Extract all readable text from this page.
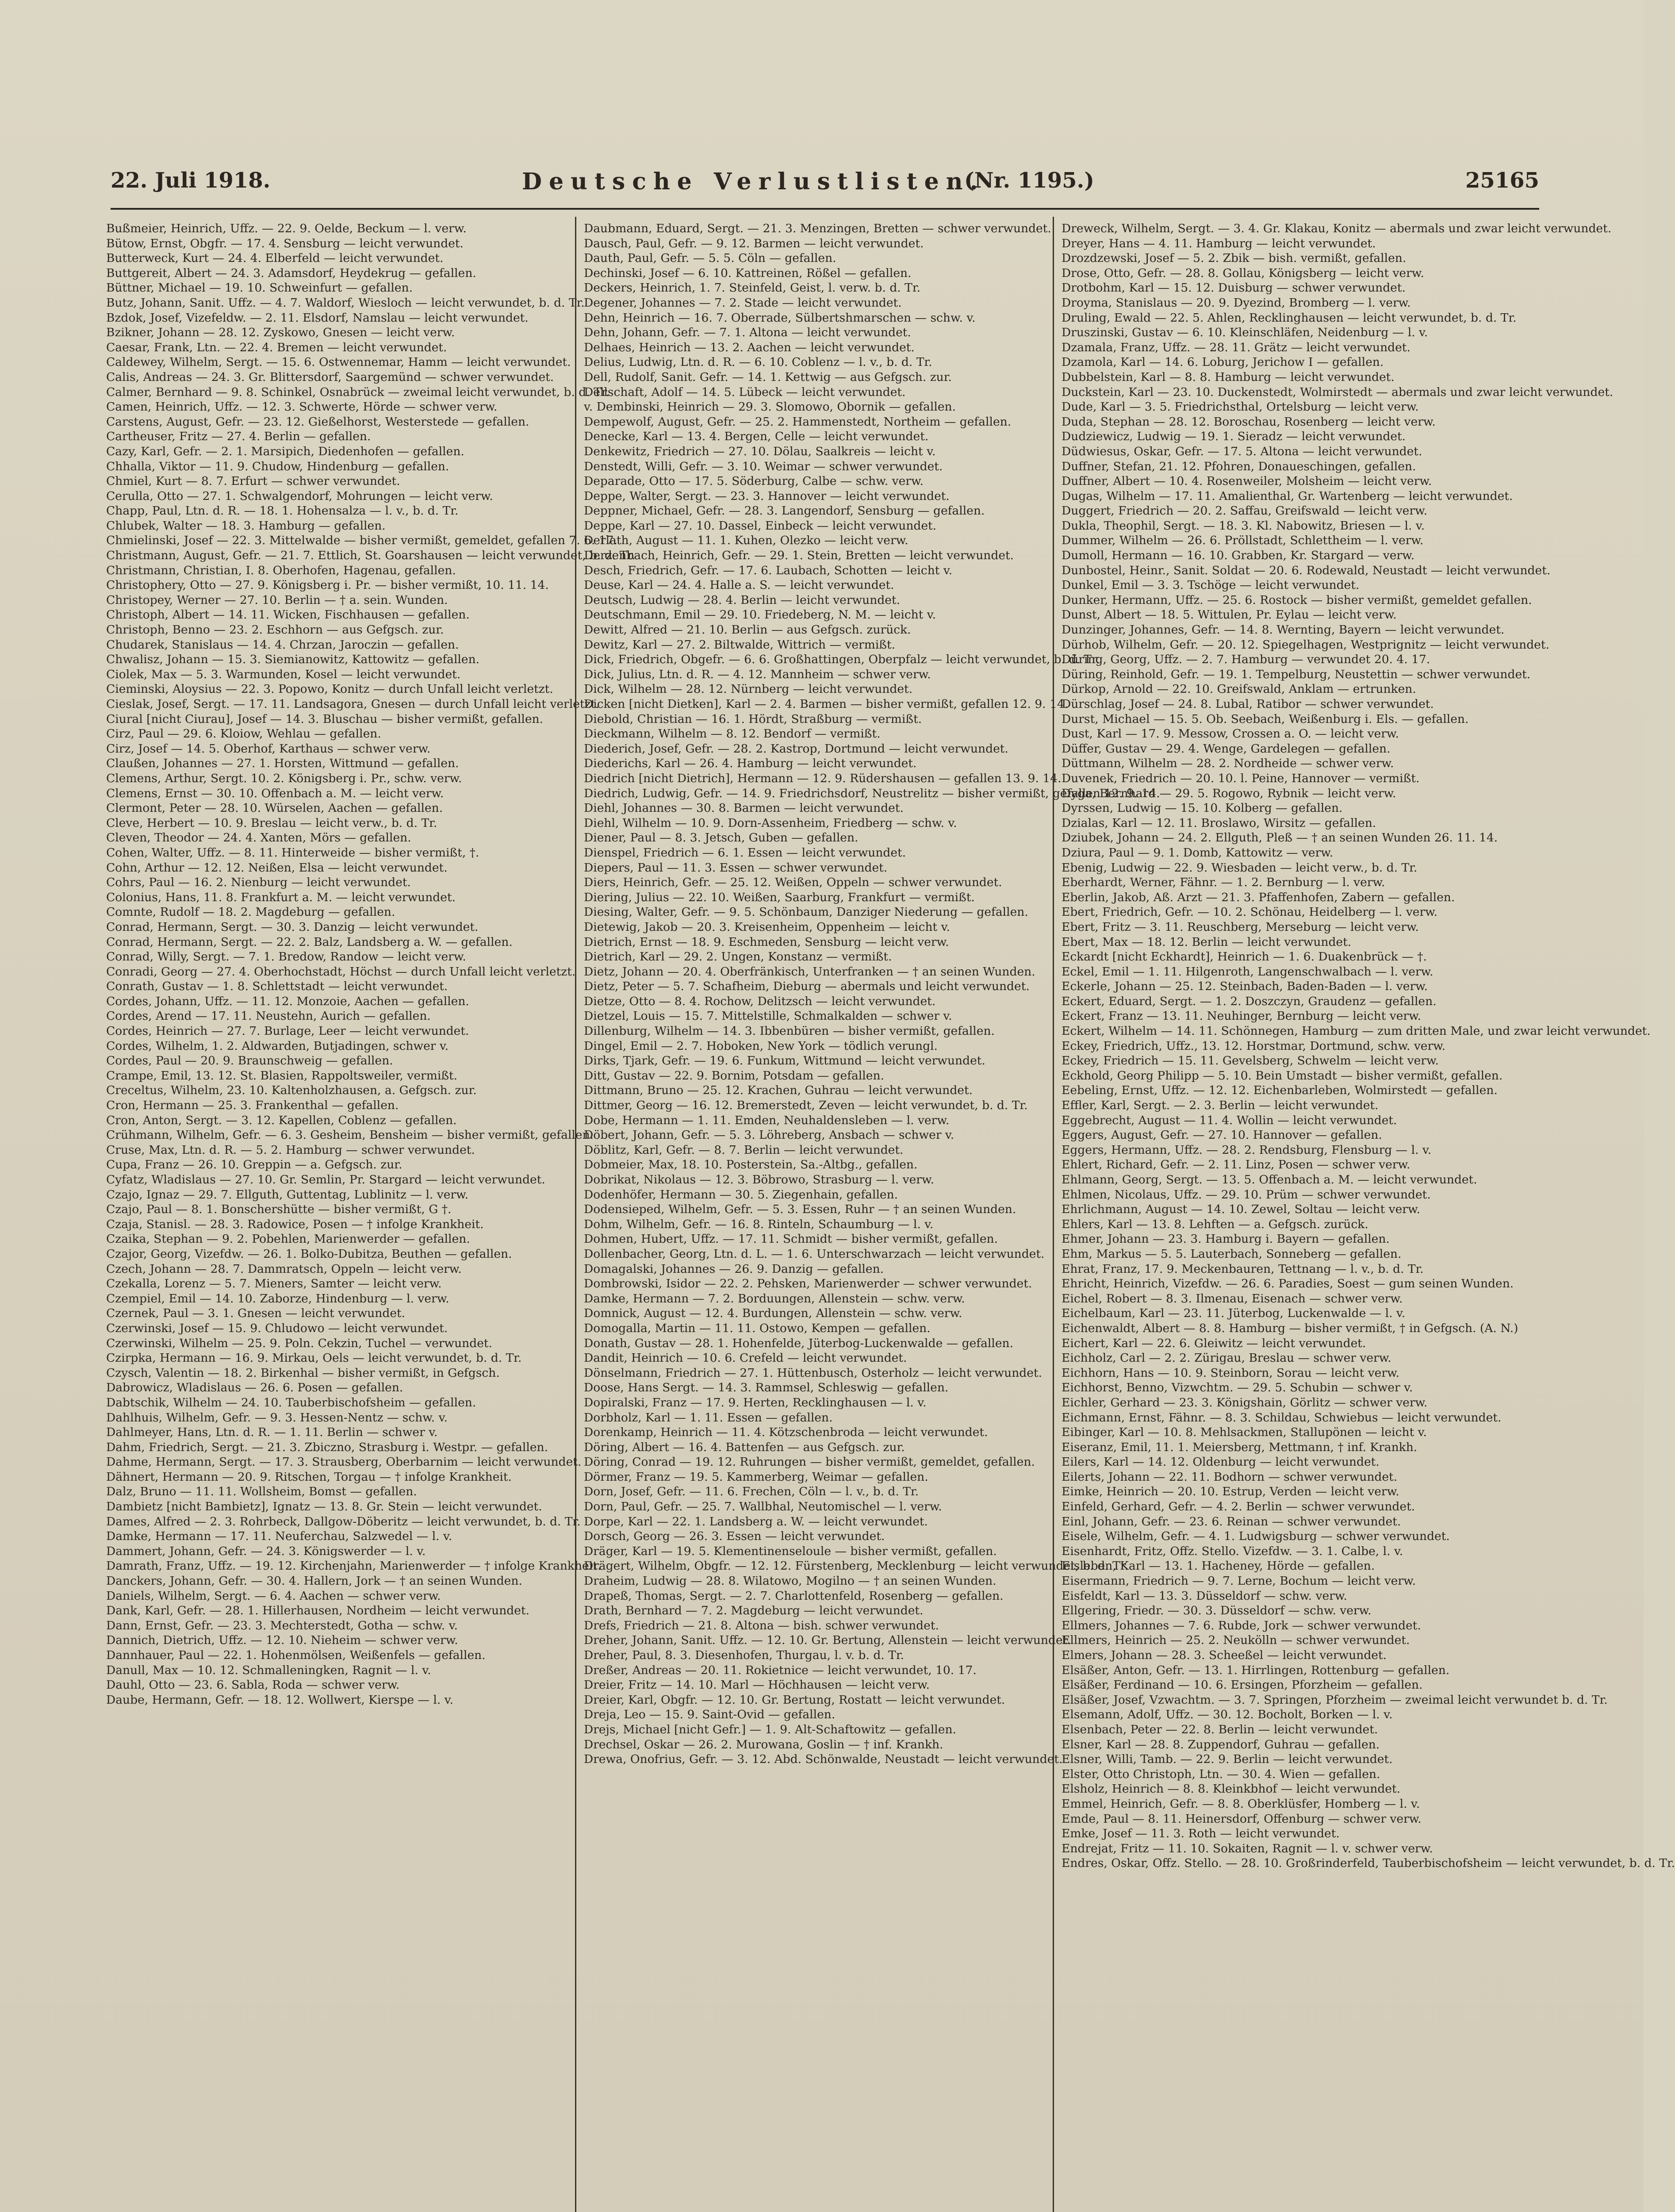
22. Juli 1918.	Deutsche Verlustlisten.
(Nr. 1195.)	25165
Bußmeier, Heinrich, Uffz. — 22. 9. Oelde, Beckum — l. verw.
Bütow, Ernst, Obgfr. — 17. 4. Sensburg — leicht verwundet.
Butterweck, Kurt — 24. 4. Elberfeld — leicht verwundet.
Buttgereit, Albert — 24. 3. Adamsdorf, Heydekrug — gefallen.
Büttner, Michael — 19. 10. Schweinfurt — gefallen.
Butz, Johann, Sanit. Uffz. — 4. 7. Waldorf, Wiesloch — leicht verwundet, b. d. Tr.
Bzdok, Josef, Vizefeldw. — 2. 11. Elsdorf, Namslau — leicht verwundet.
Bzikner, Johann — 28. 12. Zyskowo, Gnesen — leicht verw.
Caesar, Frank, Ltn. — 22. 4. Bremen — leicht verwundet.
Caldewey, Wilhelm, Sergt. — 15. 6. Ostwennemar, Hamm — leicht verwundet.
Calis, Andreas — 24. 3. Gr. Blittersdorf, Saargemünd — schwer verwundet.
Calmer, Bernhard — 9. 8. Schinkel, Osnabrück — zweimal leicht verwundet, b. d. Tr.
Camen, Heinrich, Uffz. — 12. 3. Schwerte, Hörde — schwer verw.
Carstens, August, Gefr. — 23. 12. Gießelhorst, Westerstede — gefallen.
Cartheuser, Fritz — 27. 4. Berlin — gefallen.
Cazy, Karl, Gefr. — 2. 1. Marsipich, Diedenhofen — gefallen.
Chhalla, Viktor — 11. 9. Chudow, Hindenburg — gefallen.
Chmiel, Kurt — 8. 7. Erfurt — schwer verwundet.
Cerulla, Otto — 27. 1. Schwalgendorf, Mohrungen — leicht verw.
Chapp, Paul, Ltn. d. R. — 18. 1. Hohensalza — l. v., b. d. Tr.
Chlubek, Walter — 18. 3. Hamburg — gefallen.
Chmielinski, Josef — 22. 3. Mittelwalde — bisher vermißt, gemeldet, gefallen 7. 6. 17.
Christmann, August, Gefr. — 21. 7. Ettlich, St. Goarshausen — leicht verwundet, b. d. Tr.
Christmann, Christian, I. 8. Oberhofen, Hagenau, gefallen.
Christophery, Otto — 27. 9. Königsberg i. Pr. — bisher vermißt, 10. 11. 14.
Christopey, Werner — 27. 10. Berlin — † a. sein. Wunden.
Christoph, Albert — 14. 11. Wicken, Fischhausen — gefallen.
Christoph, Benno — 23. 2. Eschhorn — aus Gefgsch. zur.
Chudarek, Stanislaus — 14. 4. Chrzan, Jaroczin — gefallen.
Chwalisz, Johann — 15. 3. Siemianowitz, Kattowitz — gefallen.
Ciolek, Max — 5. 3. Warmunden, Kosel — leicht verwundet.
Cieminski, Aloysius — 22. 3. Popowo, Konitz — durch Unfall leicht verletzt.
Cieslak, Josef, Sergt. — 17. 11. Landsagora, Gnesen — durch Unfall leicht verletzt.
Ciural [nicht Ciurau], Josef — 14. 3. Bluschau — bisher vermißt, gefallen.
Cirz, Paul — 29. 6. Kloiow, Wehlau — gefallen.
Cirz, Josef — 14. 5. Oberhof, Karthaus — schwer verw.
Claußen, Johannes — 27. 1. Horsten, Wittmund — gefallen.
Clemens, Arthur, Sergt. 10. 2. Königsberg i. Pr., schw. verw.
Clemens, Ernst — 30. 10. Offenbach a. M. — leicht verw.
Clermont, Peter — 28. 10. Würselen, Aachen — gefallen.
Cleve, Herbert — 10. 9. Breslau — leicht verw., b. d. Tr.
Cleven, Theodor — 24. 4. Xanten, Mörs — gefallen.
Cohen, Walter, Uffz. — 8. 11. Hinterweide — bisher vermißt, †.
Cohn, Arthur — 12. 12. Neißen, Elsa — leicht verwundet.
Cohrs, Paul — 16. 2. Nienburg — leicht verwundet.
Colonius, Hans, 11. 8. Frankfurt a. M. — leicht verwundet.
Comnte, Rudolf — 18. 2. Magdeburg — gefallen.
Conrad, Hermann, Sergt. — 30. 3. Danzig — leicht verwundet.
Conrad, Hermann, Sergt. — 22. 2. Balz, Landsberg a. W. — gefallen.
Conrad, Willy, Sergt. — 7. 1. Bredow, Randow — leicht verw.
Conradi, Georg — 27. 4. Oberhochstadt, Höchst — durch Unfall leicht verletzt.
Conrath, Gustav — 1. 8. Schlettstadt — leicht verwundet.
Cordes, Johann, Uffz. — 11. 12. Monzoie, Aachen — gefallen.
Cordes, Arend — 17. 11. Neustehn, Aurich — gefallen.
Cordes, Heinrich — 27. 7. Burlage, Leer — leicht verwundet.
Cordes, Wilhelm, 1. 2. Aldwarden, Butjadingen, schwer v.
Cordes, Paul — 20. 9. Braunschweig — gefallen.
Crampe, Emil, 13. 12. St. Blasien, Rappoltsweiler, vermißt.
Creceltus, Wilhelm, 23. 10. Kaltenholzhausen, a. Gefgsch. zur.
Cron, Hermann — 25. 3. Frankenthal — gefallen.
Cron, Anton, Sergt. — 3. 12. Kapellen, Coblenz — gefallen.
Crühmann, Wilhelm, Gefr. — 6. 3. Gesheim, Bensheim — bisher vermißt, gefallen.
Cruse, Max, Ltn. d. R. — 5. 2. Hamburg — schwer verwundet.
Cupa, Franz — 26. 10. Greppin — a. Gefgsch. zur.
Cyfatz, Wladislaus — 27. 10. Gr. Semlin, Pr. Stargard — leicht verwundet.
Czajo, Ignaz — 29. 7. Ellguth, Guttentag, Lublinitz — l. verw.
Czajo, Paul — 8. 1. Bonschershütte — bisher vermißt, G †.
Czaja, Stanisl. — 28. 3. Radowice, Posen — † infolge Krankheit.
Czaika, Stephan — 9. 2. Pobehlen, Marienwerder — gefallen.
Czajor, Georg, Vizefdw. — 26. 1. Bolko-Dubitza, Beuthen — gefallen.
Czech, Johann — 28. 7. Dammratsch, Oppeln — leicht verw.
Czekalla, Lorenz — 5. 7. Mieners, Samter — leicht verw.
Czempiel, Emil — 14. 10. Zaborze, Hindenburg — l. verw.
Czernek, Paul — 3. 1. Gnesen — leicht verwundet.
Czerwinski, Josef — 15. 9. Chludowo — leicht verwundet.
Czerwinski, Wilhelm — 25. 9. Poln. Cekzin, Tuchel — verwundet.
Czirpka, Hermann — 16. 9. Mirkau, Oels — leicht verwundet, b. d. Tr.
Czysch, Valentin — 18. 2. Birkenhal — bisher vermißt, in Gefgsch.
Dabrowicz, Wladislaus — 26. 6. Posen — gefallen.
Dabtschik, Wilhelm — 24. 10. Tauberbischofsheim — gefallen.
Dahlhuis, Wilhelm, Gefr. — 9. 3. Hessen-Nentz — schw. v.
Dahlmeyer, Hans, Ltn. d. R. — 1. 11. Berlin — schwer v.
Dahm, Friedrich, Sergt. — 21. 3. Zbiczno, Strasburg i. Westpr. — gefallen.
Dahme, Hermann, Sergt. — 17. 3. Strausberg, Oberbarnim — leicht verwundet.
Dähnert, Hermann — 20. 9. Ritschen, Torgau — † infolge Krankheit.
Dalz, Bruno — 11. 11. Wollsheim, Bomst — gefallen.
Dambietz [nicht Bambietz], Ignatz — 13. 8. Gr. Stein — leicht verwundet.
Dames, Alfred — 2. 3. Rohrbeck, Dallgow-Döberitz — leicht verwundet, b. d. Tr.
Damke, Hermann — 17. 11. Neuferchau, Salzwedel — l. v.
Dammert, Johann, Gefr. — 24. 3. Königswerder — l. v.
Damrath, Franz, Uffz. — 19. 12. Kirchenjahn, Marienwerder — † infolge Krankheit.
Danckers, Johann, Gefr. — 30. 4. Hallern, Jork — † an seinen Wunden.
Daniels, Wilhelm, Sergt. — 6. 4. Aachen — schwer verw.
Dank, Karl, Gefr. — 28. 1. Hillerhausen, Nordheim — leicht verwundet.
Dann, Ernst, Gefr. — 23. 3. Mechterstedt, Gotha — schw. v.
Dannich, Dietrich, Uffz. — 12. 10. Nieheim — schwer verw.
Dannhauer, Paul — 22. 1. Hohenmölsen, Weißenfels — gefallen.
Danull, Max — 10. 12. Schmalleningken, Ragnit — l. v.
Dauhl, Otto — 23. 6. Sabla, Roda — schwer verw.
Daube, Hermann, Gefr. — 18. 12. Wollwert, Kierspe — l. v.
Daubmann, Eduard, Sergt. — 21. 3. Menzingen, Bretten — schwer verwundet.
Dausch, Paul, Gefr. — 9. 12. Barmen — leicht verwundet.
Dauth, Paul, Gefr. — 5. 5. Cöln — gefallen.
Dechinski, Josef — 6. 10. Kattreinen, Rößel — gefallen.
Deckers, Heinrich, 1. 7. Steinfeld, Geist, l. verw. b. d. Tr.
Degener, Johannes — 7. 2. Stade — leicht verwundet.
Dehn, Heinrich — 16. 7. Oberrade, Sülbertshmarschen — schw. v.
Dehn, Johann, Gefr. — 7. 1. Altona — leicht verwundet.
Delhaes, Heinrich — 13. 2. Aachen — leicht verwundet.
Delius, Ludwig, Ltn. d. R. — 6. 10. Coblenz — l. v., b. d. Tr.
Dell, Rudolf, Sanit. Gefr. — 14. 1. Kettwig — aus Gefgsch. zur.
Dellschaft, Adolf — 14. 5. Lübeck — leicht verwundet.
v. Dembinski, Heinrich — 29. 3. Slomowo, Obornik — gefallen.
Dempewolf, August, Gefr. — 25. 2. Hammenstedt, Northeim — gefallen.
Denecke, Karl — 13. 4. Bergen, Celle — leicht verwundet.
Denkewitz, Friedrich — 27. 10. Dölau, Saalkreis — leicht v.
Denstedt, Willi, Gefr. — 3. 10. Weimar — schwer verwundet.
Deparade, Otto — 17. 5. Söderburg, Calbe — schw. verw.
Deppe, Walter, Sergt. — 23. 3. Hannover — leicht verwundet.
Deppner, Michael, Gefr. — 28. 3. Langendorf, Sensburg — gefallen.
Deppe, Karl — 27. 10. Dassel, Einbeck — leicht verwundet.
Derlath, August — 11. 1. Kuhen, Olezko — leicht verw.
Derzenbach, Heinrich, Gefr. — 29. 1. Stein, Bretten — leicht verwundet.
Desch, Friedrich, Gefr. — 17. 6. Laubach, Schotten — leicht v.
Deuse, Karl — 24. 4. Halle a. S. — leicht verwundet.
Deutsch, Ludwig — 28. 4. Berlin — leicht verwundet.
Deutschmann, Emil — 29. 10. Friedeberg, N. M. — leicht v.
Dewitt, Alfred — 21. 10. Berlin — aus Gefgsch. zurück.
Dewitz, Karl — 27. 2. Biltwalde, Wittrich — vermißt.
Dick, Friedrich, Obgefr. — 6. 6. Großhattingen, Oberpfalz — leicht verwundet, b. d. Tr.
Dick, Julius, Ltn. d. R. — 4. 12. Mannheim — schwer verw.
Dick, Wilhelm — 28. 12. Nürnberg — leicht verwundet.
Dicken [nicht Dietken], Karl — 2. 4. Barmen — bisher vermißt, gefallen 12. 9. 14.
Diebold, Christian — 16. 1. Hördt, Straßburg — vermißt.
Dieckmann, Wilhelm — 8. 12. Bendorf — vermißt.
Diederich, Josef, Gefr. — 28. 2. Kastrop, Dortmund — leicht verwundet.
Diederichs, Karl — 26. 4. Hamburg — leicht verwundet.
Diedrich [nicht Dietrich], Hermann — 12. 9. Rüdershausen — gefallen 13. 9. 14.
Diedrich, Ludwig, Gefr. — 14. 9. Friedrichsdorf, Neustrelitz — bisher vermißt, gefallen 12. 9. 14.
Diehl, Johannes — 30. 8. Barmen — leicht verwundet.
Diehl, Wilhelm — 10. 9. Dorn-Assenheim, Friedberg — schw. v.
Diener, Paul — 8. 3. Jetsch, Guben — gefallen.
Dienspel, Friedrich — 6. 1. Essen — leicht verwundet.
Diepers, Paul — 11. 3. Essen — schwer verwundet.
Diers, Heinrich, Gefr. — 25. 12. Weißen, Oppeln — schwer verwundet.
Diering, Julius — 22. 10. Weißen, Saarburg, Frankfurt — vermißt.
Diesing, Walter, Gefr. — 9. 5. Schönbaum, Danziger Niederung — gefallen.
Dietewig, Jakob — 20. 3. Kreisenheim, Oppenheim — leicht v.
Dietrich, Ernst — 18. 9. Eschmeden, Sensburg — leicht verw.
Dietrich, Karl — 29. 2. Ungen, Konstanz — vermißt.
Dietz, Johann — 20. 4. Oberfränkisch, Unterfranken — † an seinen Wunden.
Dietz, Peter — 5. 7. Schafheim, Dieburg — abermals und leicht verwundet.
Dietze, Otto — 8. 4. Rochow, Delitzsch — leicht verwundet.
Dietzel, Louis — 15. 7. Mittelstille, Schmalkalden — schwer v.
Dillenburg, Wilhelm — 14. 3. Ibbenbüren — bisher vermißt, gefallen.
Dingel, Emil — 2. 7. Hoboken, New York — tödlich verungl.
Dirks, Tjark, Gefr. — 19. 6. Funkum, Wittmund — leicht verwundet.
Ditt, Gustav — 22. 9. Bornim, Potsdam — gefallen.
Dittmann, Bruno — 25. 12. Krachen, Guhrau — leicht verwundet.
Dittmer, Georg — 16. 12. Bremerstedt, Zeven — leicht verwundet, b. d. Tr.
Dobe, Hermann — 1. 11. Emden, Neuhaldensleben — l. verw.
Döbert, Johann, Gefr. — 5. 3. Löhreberg, Ansbach — schwer v.
Döblitz, Karl, Gefr. — 8. 7. Berlin — leicht verwundet.
Dobmeier, Max, 18. 10. Posterstein, Sa.-Altbg., gefallen.
Dobrikat, Nikolaus — 12. 3. Böbrowo, Strasburg — l. verw.
Dodenhöfer, Hermann — 30. 5. Ziegenhain, gefallen.
Dodensieped, Wilhelm, Gefr. — 5. 3. Essen, Ruhr — † an seinen Wunden.
Dohm, Wilhelm, Gefr. — 16. 8. Rinteln, Schaumburg — l. v.
Dohmen, Hubert, Uffz. — 17. 11. Schmidt — bisher vermißt, gefallen.
Dollenbacher, Georg, Ltn. d. L. — 1. 6. Unterschwarzach — leicht verwundet.
Domagalski, Johannes — 26. 9. Danzig — gefallen.
Dombrowski, Isidor — 22. 2. Pehsken, Marienwerder — schwer verwundet.
Damke, Hermann — 7. 2. Borduungen, Allenstein — schw. verw.
Domnick, August — 12. 4. Burdungen, Allenstein — schw. verw.
Domogalla, Martin — 11. 11. Ostowo, Kempen — gefallen.
Donath, Gustav — 28. 1. Hohenfelde, Jüterbog-Luckenwalde — gefallen.
Dandit, Heinrich — 10. 6. Crefeld — leicht verwundet.
Dönselmann, Friedrich — 27. 1. Hüttenbusch, Osterholz — leicht verwundet.
Doose, Hans Sergt. — 14. 3. Rammsel, Schleswig — gefallen.
Dopiralski, Franz — 17. 9. Herten, Recklinghausen — l. v.
Dorbholz, Karl — 1. 11. Essen — gefallen.
Dorenkamp, Heinrich — 11. 4. Kötzschenbroda — leicht verwundet.
Döring, Albert — 16. 4. Battenfen — aus Gefgsch. zur.
Döring, Conrad — 19. 12. Ruhrungen — bisher vermißt, gemeldet, gefallen.
Dörmer, Franz — 19. 5. Kammerberg, Weimar — gefallen.
Dorn, Josef, Gefr. — 11. 6. Frechen, Cöln — l. v., b. d. Tr.
Dorn, Paul, Gefr. — 25. 7. Wallbhal, Neutomischel — l. verw.
Dorpe, Karl — 22. 1. Landsberg a. W. — leicht verwundet.
Dorsch, Georg — 26. 3. Essen — leicht verwundet.
Dräger, Karl — 19. 5. Klementinenseloule — bisher vermißt, gefallen.
Drägert, Wilhelm, Obgfr. — 12. 12. Fürstenberg, Mecklenburg — leicht verwundet, b. d. Tr.
Draheim, Ludwig — 28. 8. Wilatowo, Mogilno — † an seinen Wunden.
Drapeß, Thomas, Sergt. — 2. 7. Charlottenfeld, Rosenberg — gefallen.
Drath, Bernhard — 7. 2. Magdeburg — leicht verwundet.
Drefs, Friedrich — 21. 8. Altona — bish. schwer verwundet.
Dreher, Johann, Sanit. Uffz. — 12. 10. Gr. Bertung, Allenstein — leicht verwundet.
Dreher, Paul, 8. 3. Diesenhofen, Thurgau, l. v. b. d. Tr.
Dreßer, Andreas — 20. 11. Rokietnice — leicht verwundet, 10. 17.
Dreier, Fritz — 14. 10. Marl — Höchhausen — leicht verw.
Dreier, Karl, Obgfr. — 12. 10. Gr. Bertung, Rostatt — leicht verwundet.
Dreja, Leo — 15. 9. Saint-Ovid — gefallen.
Drejs, Michael [nicht Gefr.] — 1. 9. Alt-Schaftowitz — gefallen.
Drechsel, Oskar — 26. 2. Murowana, Goslin — † inf. Krankh.
Drewa, Onofrius, Gefr. — 3. 12. Abd. Schönwalde, Neustadt — leicht verwundet.
Dreweck, Wilhelm, Sergt. — 3. 4. Gr. Klakau, Konitz — abermals und zwar leicht verwundet.
Dreyer, Hans — 4. 11. Hamburg — leicht verwundet.
Drozdzewski, Josef — 5. 2. Zbik — bish. vermißt, gefallen.
Drose, Otto, Gefr. — 28. 8. Gollau, Königsberg — leicht verw.
Drotbohm, Karl — 15. 12. Duisburg — schwer verwundet.
Droyma, Stanislaus — 20. 9. Dyezind, Bromberg — l. verw.
Druling, Ewald — 22. 5. Ahlen, Recklinghausen — leicht verwundet, b. d. Tr.
Druszinski, Gustav — 6. 10. Kleinschläfen, Neidenburg — l. v.
Dzamala, Franz, Uffz. — 28. 11. Grätz — leicht verwundet.
Dzamola, Karl — 14. 6. Loburg, Jerichow I — gefallen.
Dubbelstein, Karl — 8. 8. Hamburg — leicht verwundet.
Duckstein, Karl — 23. 10. Duckenstedt, Wolmirstedt — abermals und zwar leicht verwundet.
Dude, Karl — 3. 5. Friedrichsthal, Ortelsburg — leicht verw.
Duda, Stephan — 28. 12. Boroschau, Rosenberg — leicht verw.
Dudziewicz, Ludwig — 19. 1. Sieradz — leicht verwundet.
Düdwiesus, Oskar, Gefr. — 17. 5. Altona — leicht verwundet.
Duffner, Stefan, 21. 12. Pfohren, Donaueschingen, gefallen.
Duffner, Albert — 10. 4. Rosenweiler, Molsheim — leicht verw.
Dugas, Wilhelm — 17. 11. Amalienthal, Gr. Wartenberg — leicht verwundet.
Duggert, Friedrich — 20. 2. Saffau, Greifswald — leicht verw.
Dukla, Theophil, Sergt. — 18. 3. Kl. Nabowitz, Briesen — l. v.
Dummer, Wilhelm — 26. 6. Pröllstadt, Schlettheim — l. verw.
Dumoll, Hermann — 16. 10. Grabben, Kr. Stargard — verw.
Dunbostel, Heinr., Sanit. Soldat — 20. 6. Rodewald, Neustadt — leicht verwundet.
Dunkel, Emil — 3. 3. Tschöge — leicht verwundet.
Dunker, Hermann, Uffz. — 25. 6. Rostock — bisher vermißt, gemeldet gefallen.
Dunst, Albert — 18. 5. Wittulen, Pr. Eylau — leicht verw.
Dunzinger, Johannes, Gefr. — 14. 8. Wernting, Bayern — leicht verwundet.
Dürhob, Wilhelm, Gefr. — 20. 12. Spiegelhagen, Westprignitz — leicht verwundet.
Düring, Georg, Uffz. — 2. 7. Hamburg — verwundet 20. 4. 17.
Düring, Reinhold, Gefr. — 19. 1. Tempelburg, Neustettin — schwer verwundet.
Dürkop, Arnold — 22. 10. Greifswald, Anklam — ertrunken.
Dürschlag, Josef — 24. 8. Lubal, Ratibor — schwer verwundet.
Durst, Michael — 15. 5. Ob. Seebach, Weißenburg i. Els. — gefallen.
Dust, Karl — 17. 9. Messow, Crossen a. O. — leicht verw.
Düffer, Gustav — 29. 4. Wenge, Gardelegen — gefallen.
Düttmann, Wilhelm — 28. 2. Nordheide — schwer verw.
Duvenek, Friedrich — 20. 10. l. Peine, Hannover — vermißt.
Dyga, Bernhard — 29. 5. Rogowo, Rybnik — leicht verw.
Dyrssen, Ludwig — 15. 10. Kolberg — gefallen.
Dzialas, Karl — 12. 11. Broslawo, Wirsitz — gefallen.
Dziubek, Johann — 24. 2. Ellguth, Pleß — † an seinen Wunden 26. 11. 14.
Dziura, Paul — 9. 1. Domb, Kattowitz — verw.
Ebenig, Ludwig — 22. 9. Wiesbaden — leicht verw., b. d. Tr.
Eberhardt, Werner, Fähnr. — 1. 2. Bernburg — l. verw.
Eberlin, Jakob, Aß. Arzt — 21. 3. Pfaffenhofen, Zabern — gefallen.
Ebert, Friedrich, Gefr. — 10. 2. Schönau, Heidelberg — l. verw.
Ebert, Fritz — 3. 11. Reuschberg, Merseburg — leicht verw.
Ebert, Max — 18. 12. Berlin — leicht verwundet.
Eckardt [nicht Eckhardt], Heinrich — 1. 6. Duakenbrück — †.
Eckel, Emil — 1. 11. Hilgenroth, Langenschwalbach — l. verw.
Eckerle, Johann — 25. 12. Steinbach, Baden-Baden — l. verw.
Eckert, Eduard, Sergt. — 1. 2. Doszczyn, Graudenz — gefallen.
Eckert, Franz — 13. 11. Neuhinger, Bernburg — leicht verw.
Eckert, Wilhelm — 14. 11. Schönnegen, Hamburg — zum dritten Male, und zwar leicht verwundet.
Eckey, Friedrich, Uffz., 13. 12. Horstmar, Dortmund, schw. verw.
Eckey, Friedrich — 15. 11. Gevelsberg, Schwelm — leicht verw.
Eckhold, Georg Philipp — 5. 10. Bein Umstadt — bisher vermißt, gefallen.
Eebeling, Ernst, Uffz. — 12. 12. Eichenbarleben, Wolmirstedt — gefallen.
Effler, Karl, Sergt. — 2. 3. Berlin — leicht verwundet.
Eggebrecht, August — 11. 4. Wollin — leicht verwundet.
Eggers, August, Gefr. — 27. 10. Hannover — gefallen.
Eggers, Hermann, Uffz. — 28. 2. Rendsburg, Flensburg — l. v.
Ehlert, Richard, Gefr. — 2. 11. Linz, Posen — schwer verw.
Ehlmann, Georg, Sergt. — 13. 5. Offenbach a. M. — leicht verwundet.
Ehlmen, Nicolaus, Uffz. — 29. 10. Prüm — schwer verwundet.
Ehrlichmann, August — 14. 10. Zewel, Soltau — leicht verw.
Ehlers, Karl — 13. 8. Lehften — a. Gefgsch. zurück.
Ehmer, Johann — 23. 3. Hamburg i. Bayern — gefallen.
Ehm, Markus — 5. 5. Lauterbach, Sonneberg — gefallen.
Ehrat, Franz, 17. 9. Meckenbauren, Tettnang — l. v., b. d. Tr.
Ehricht, Heinrich, Vizefdw. — 26. 6. Paradies, Soest — gum seinen Wunden.
Eichel, Robert — 8. 3. Ilmenau, Eisenach — schwer verw.
Eichelbaum, Karl — 23. 11. Jüterbog, Luckenwalde — l. v.
Eichenwaldt, Albert — 8. 8. Hamburg — bisher vermißt, † in Gefgsch. (A. N.)
Eichert, Karl — 22. 6. Gleiwitz — leicht verwundet.
Eichholz, Carl — 2. 2. Zürigau, Breslau — schwer verw.
Eichhorn, Hans — 10. 9. Steinborn, Sorau — leicht verw.
Eichhorst, Benno, Vizwchtm. — 29. 5. Schubin — schwer v.
Eichler, Gerhard — 23. 3. Königshain, Görlitz — schwer verw.
Eichmann, Ernst, Fähnr. — 8. 3. Schildau, Schwiebus — leicht verwundet.
Eibinger, Karl — 10. 8. Mehlsackmen, Stallupönen — leicht v.
Eiseranz, Emil, 11. 1. Meiersberg, Mettmann, † inf. Krankh.
Eilers, Karl — 14. 12. Oldenburg — leicht verwundet.
Eilerts, Johann — 22. 11. Bodhorn — schwer verwundet.
Eimke, Heinrich — 20. 10. Estrup, Verden — leicht verw.
Einfeld, Gerhard, Gefr. — 4. 2. Berlin — schwer verwundet.
Einl, Johann, Gefr. — 23. 6. Reinan — schwer verwundet.
Eisele, Wilhelm, Gefr. — 4. 1. Ludwigsburg — schwer verwundet.
Eisenhardt, Fritz, Offz. Stello. Vizefdw. — 3. 1. Calbe, l. v.
Eisleben, Karl — 13. 1. Hacheney, Hörde — gefallen.
Eisermann, Friedrich — 9. 7. Lerne, Bochum — leicht verw.
Eisfeldt, Karl — 13. 3. Düsseldorf — schw. verw.
Ellgering, Friedr. — 30. 3. Düsseldorf — schw. verw.
Ellmers, Johannes — 7. 6. Rubde, Jork — schwer verwundet.
Ellmers, Heinrich — 25. 2. Neukölln — schwer verwundet.
Elmers, Johann — 28. 3. Scheeßel — leicht verwundet.
Elsäßer, Anton, Gefr. — 13. 1. Hirrlingen, Rottenburg — gefallen.
Elsäßer, Ferdinand — 10. 6. Ersingen, Pforzheim — gefallen.
Elsäßer, Josef, Vzwachtm. — 3. 7. Springen, Pforzheim — zweimal leicht verwundet b. d. Tr.
Elsemann, Adolf, Uffz. — 30. 12. Bocholt, Borken — l. v.
Elsenbach, Peter — 22. 8. Berlin — leicht verwundet.
Elsner, Karl — 28. 8. Zuppendorf, Guhrau — gefallen.
Elsner, Willi, Tamb. — 22. 9. Berlin — leicht verwundet.
Elster, Otto Christoph, Ltn. — 30. 4. Wien — gefallen.
Elsholz, Heinrich — 8. 8. Kleinkbhof — leicht verwundet.
Emmel, Heinrich, Gefr. — 8. 8. Oberklüsfer, Homberg — l. v.
Emde, Paul — 8. 11. Heinersdorf, Offenburg — schwer verw.
Emke, Josef — 11. 3. Roth — leicht verwundet.
Endrejat, Fritz — 11. 10. Sokaiten, Ragnit — l. v. schwer verw.
Endres, Oskar, Offz. Stello. — 28. 10. Großrinderfeld, Tauberbischofsheim — leicht verwundet, b. d. Tr.
